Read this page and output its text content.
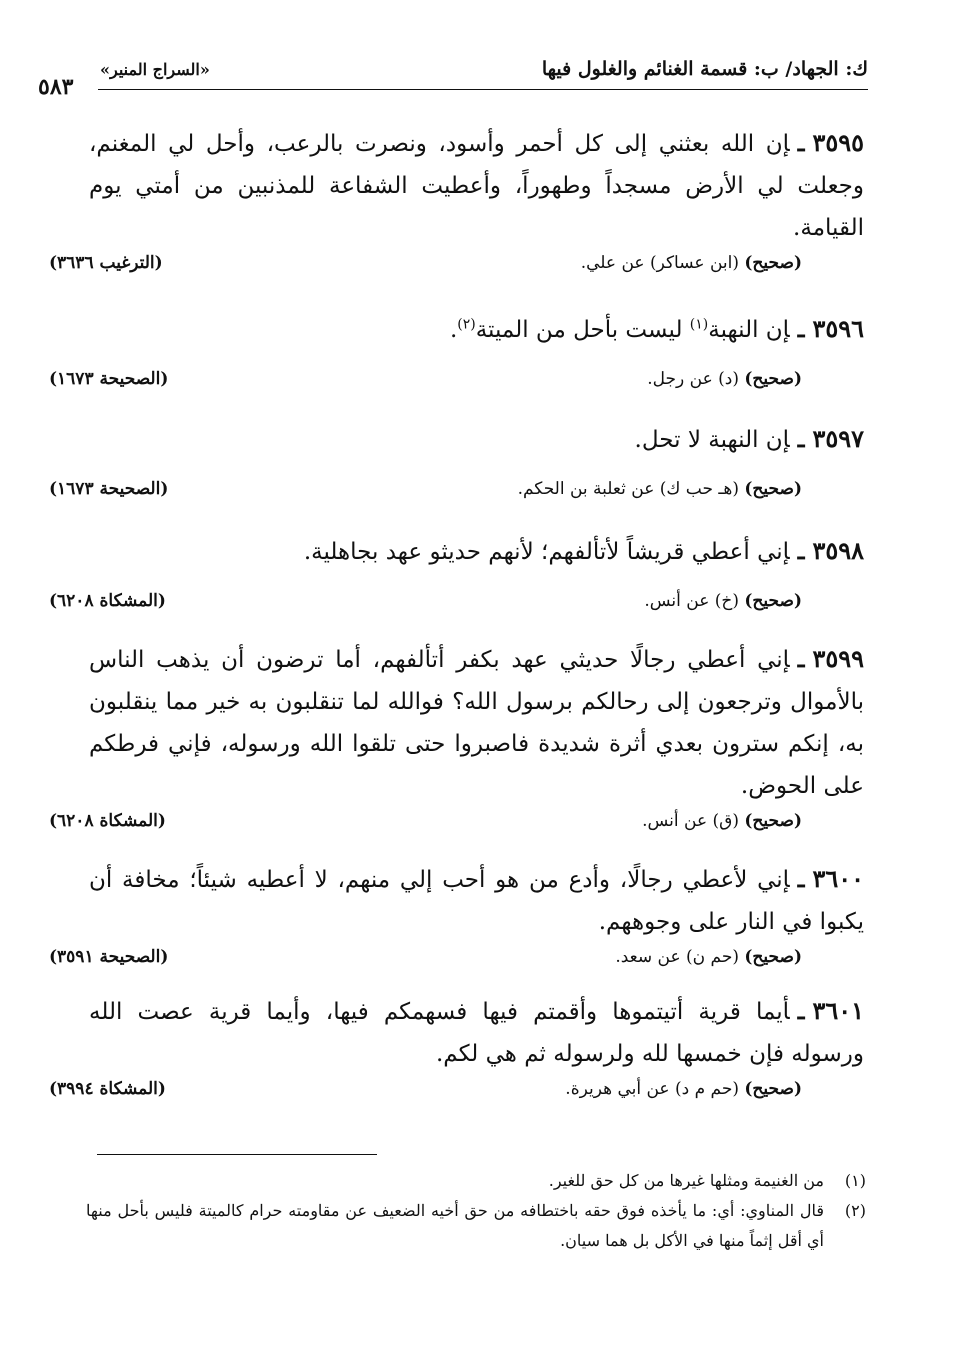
ك: الجهاد/ ب: قسمة الغنائم والغلول فيها
«السراج المنير»
٥٨٣
٣٥٩٥ـإن الله بعثني إلى كل أحمر وأسود، ونصرت بالرعب، وأحل لي المغنم، وجعلت لي الأرض مسجداً وطهوراً، وأعطيت الشفاعة للمذنبين من أمتي يوم القيامة.
(صحيح) (ابن عساكر) عن علي.
(الترغيب ٣٦٣٦)
٣٥٩٦ـإن النهبة$^{(١)}$ ليست بأحل من الميتة$^{(٢)}$.
(صحيح) (د) عن رجل.
(الصحيحة ١٦٧٣)
٣٥٩٧ـإن النهبة لا تحل.
(صحيح) (هـ حب ك) عن ثعلبة بن الحكم.
(الصحيحة ١٦٧٣)
٣٥٩٨ـإني أعطي قريشاً لأتألفهم؛ لأنهم حديثو عهد بجاهلية.
(صحيح) (خ) عن أنس.
(المشكاة ٦٢٠٨)
٣٥٩٩ـإني أعطي رجالًا حديثي عهد بكفر أتألفهم، أما ترضون أن يذهب الناس بالأموال وترجعون إلى رحالكم برسول الله؟ فوالله لما تنقلبون به خير مما ينقلبون به، إنكم سترون بعدي أثرة شديدة فاصبروا حتى تلقوا الله ورسوله، فإني فرطكم على الحوض.
(صحيح) (ق) عن أنس.
(المشكاة ٦٢٠٨)
٣٦٠٠ـإني لأعطي رجالًا، وأدع من هو أحب إلي منهم، لا أعطيه شيئاً؛ مخافة أن يكبوا في النار على وجوههم.
(صحيح) (حم ن) عن سعد.
(الصحيحة ٣٥٩١)
٣٦٠١ـأيما قرية أتيتموها وأقمتم فيها فسهمكم فيها، وأيما قرية عصت الله ورسوله فإن خمسها لله ولرسوله ثم هي لكم.
(صحيح) (حم م د) عن أبي هريرة.
(المشكاة ٣٩٩٤)
(١)
من الغنيمة ومثلها غيرها من كل حق للغير.
(٢)
قال المناوي: أي: ما يأخذه فوق حقه باختطافه من حق أخيه الضعيف عن مقاومته حرام كالميتة فليس بأحل منها أي أقل إثماً منها في الأكل بل هما سيان.
